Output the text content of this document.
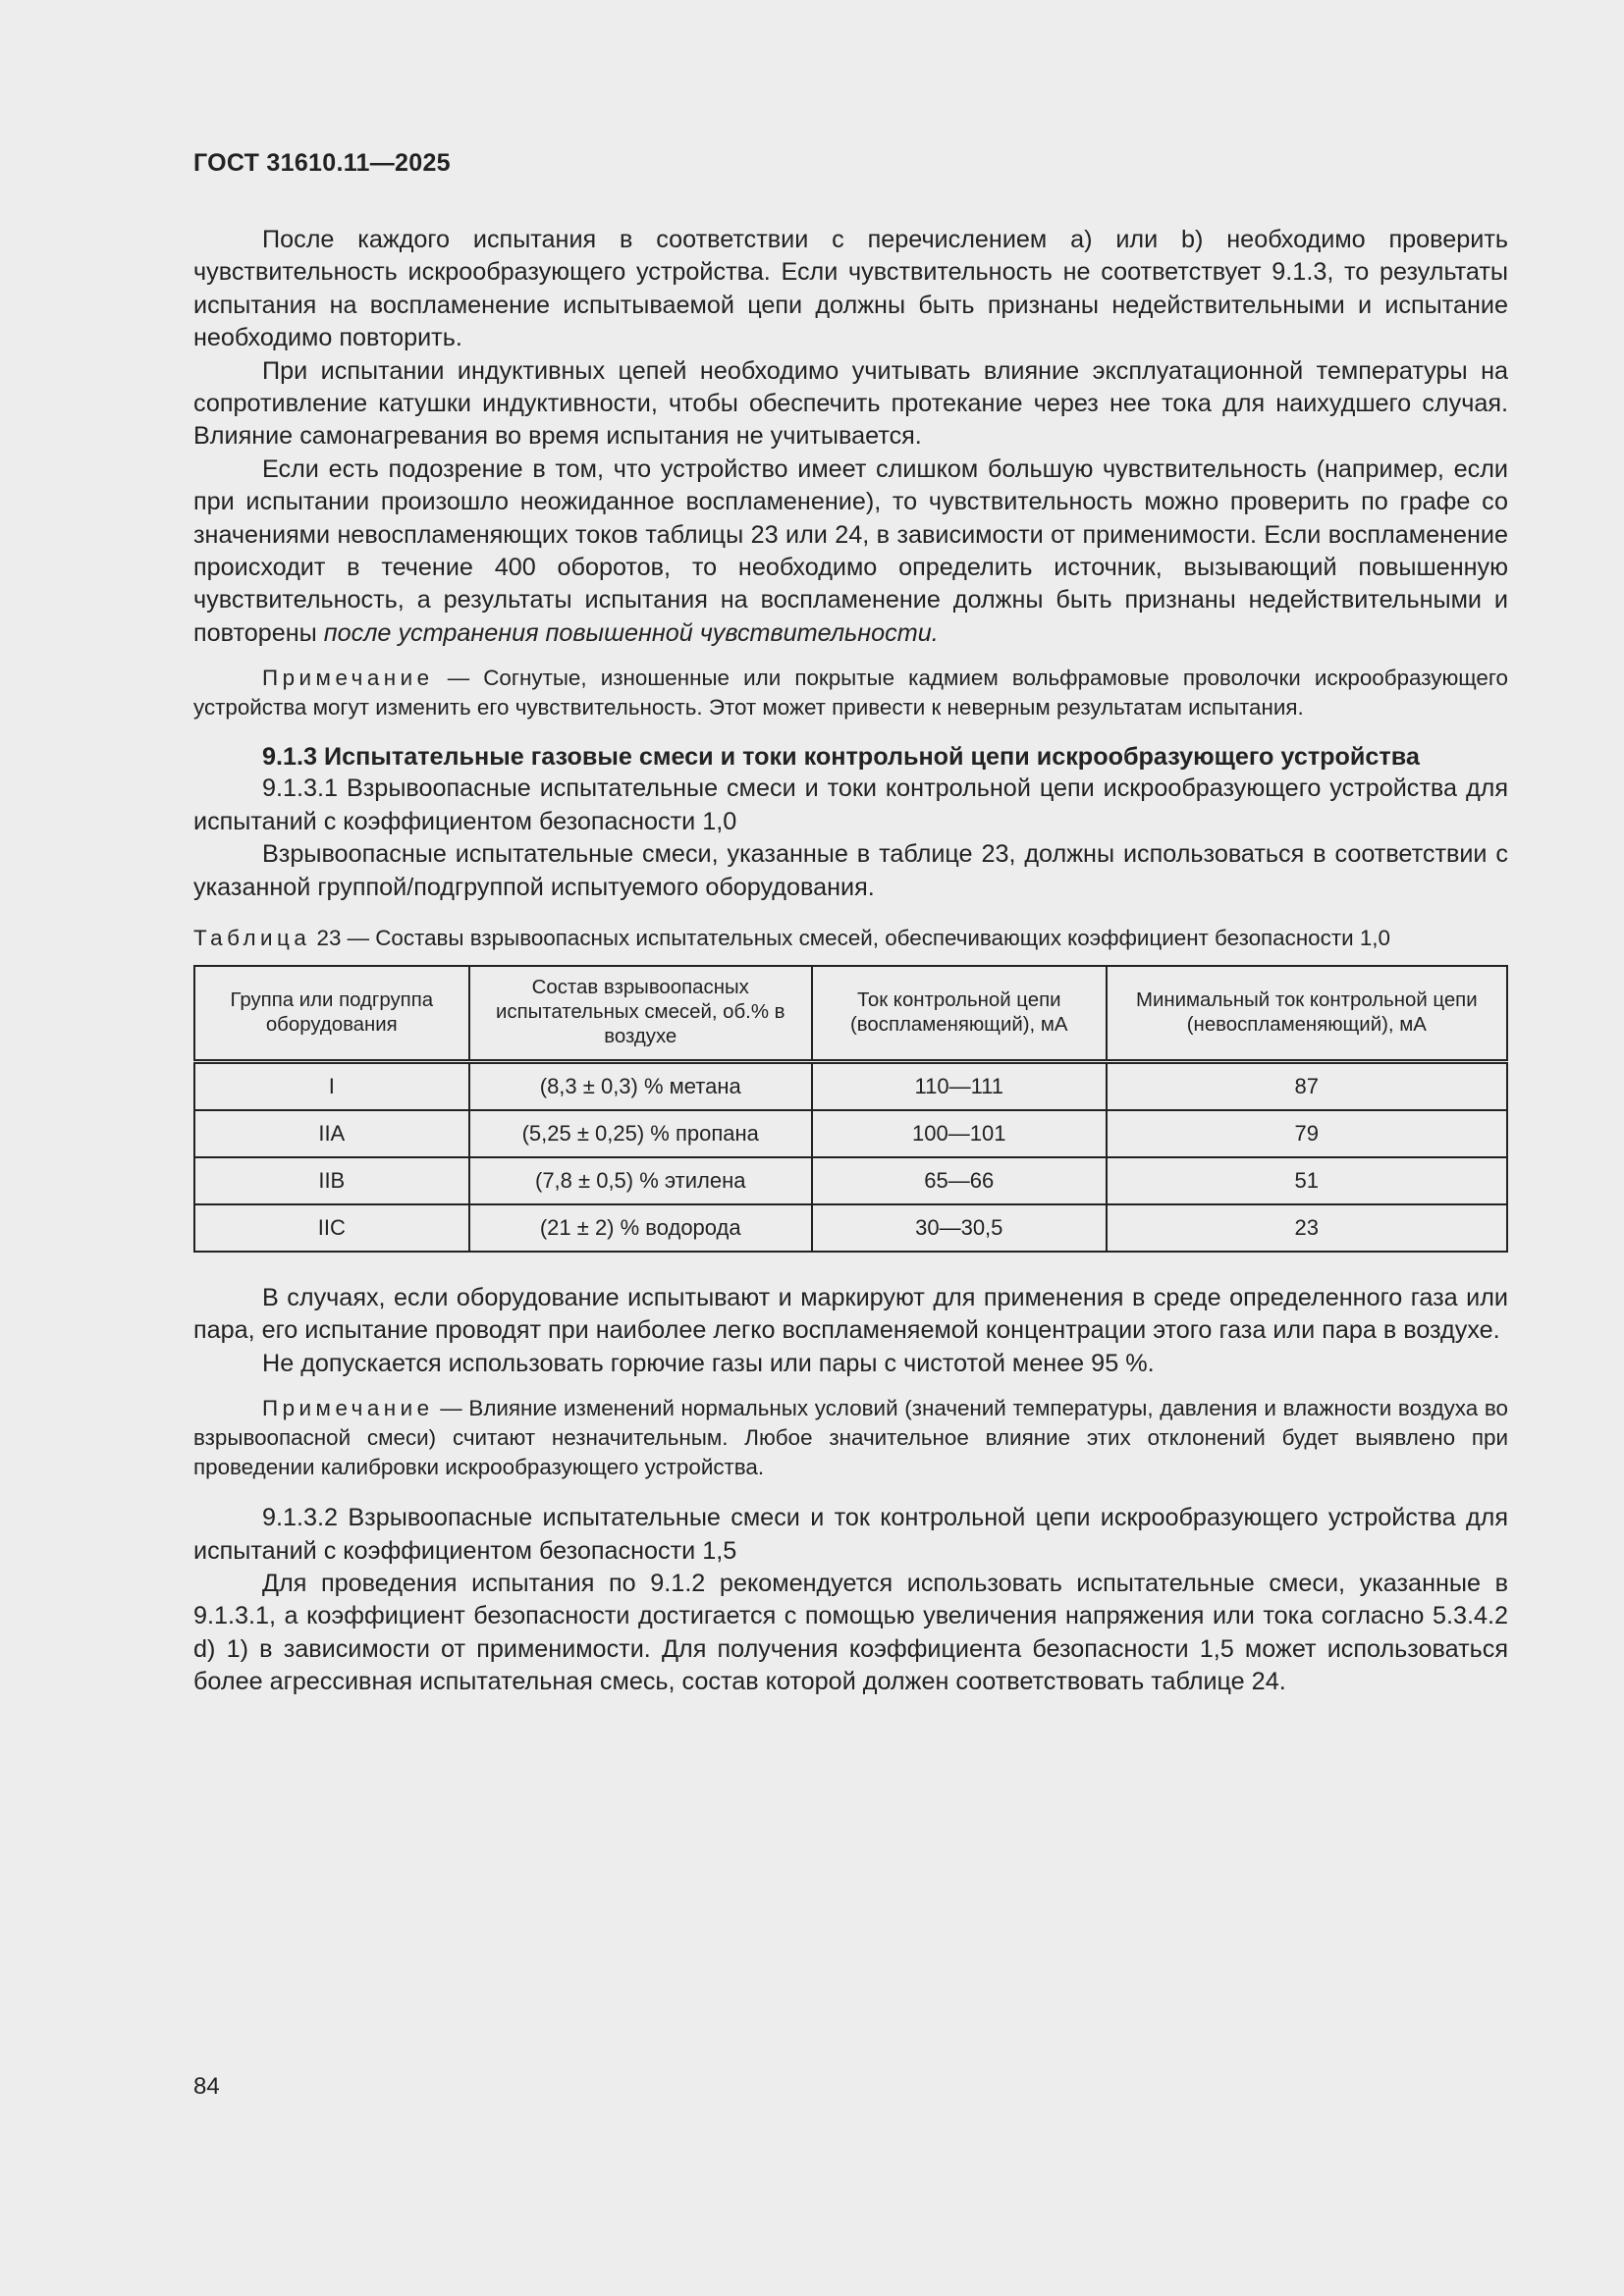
ГОСТ 31610.11—2025

После каждого испытания в соответствии с перечислением a) или b) необходимо проверить чувствительность искрообразующего устройства. Если чувствительность не соответствует 9.1.3, то результаты испытания на воспламенение испытываемой цепи должны быть признаны недействительными и испытание необходимо повторить.

При испытании индуктивных цепей необходимо учитывать влияние эксплуатационной температуры на сопротивление катушки индуктивности, чтобы обеспечить протекание через нее тока для наихудшего случая. Влияние самонагревания во время испытания не учитывается.

Если есть подозрение в том, что устройство имеет слишком большую чувствительность (например, если при испытании произошло неожиданное воспламенение), то чувствительность можно проверить по графе со значениями невоспламеняющих токов таблицы 23 или 24, в зависимости от применимости. Если воспламенение происходит в течение 400 оборотов, то необходимо определить источник, вызывающий повышенную чувствительность, а результаты испытания на воспламенение должны быть признаны недействительными и повторены после устранения повышенной чувствительности.

Примечание — Согнутые, изношенные или покрытые кадмием вольфрамовые проволочки искрообразующего устройства могут изменить его чувствительность. Этот может привести к неверным результатам испытания.

9.1.3 Испытательные газовые смеси и токи контрольной цепи искрообразующего устройства

9.1.3.1 Взрывоопасные испытательные смеси и токи контрольной цепи искрообразующего устройства для испытаний с коэффициентом безопасности 1,0

Взрывоопасные испытательные смеси, указанные в таблице 23, должны использоваться в соответствии с указанной группой/подгруппой испытуемого оборудования.

Таблица 23 — Составы взрывоопасных испытательных смесей, обеспечивающих коэффициент безопасности 1,0

Группа или подгруппа оборудования	Состав взрывоопасных испытательных смесей, об.% в воздухе	Ток контрольной цепи (воспламеняющий), мА	Минимальный ток контрольной цепи (невоспламеняющий), мА
I	(8,3 ± 0,3) % метана	110—111	87
IIA	(5,25 ± 0,25) % пропана	100—101	79
IIB	(7,8 ± 0,5) % этилена	65—66	51
IIC	(21 ± 2) % водорода	30—30,5	23

В случаях, если оборудование испытывают и маркируют для применения в среде определенного газа или пара, его испытание проводят при наиболее легко воспламеняемой концентрации этого газа или пара в воздухе.

Не допускается использовать горючие газы или пары с чистотой менее 95 %.

Примечание — Влияние изменений нормальных условий (значений температуры, давления и влажности воздуха во взрывоопасной смеси) считают незначительным. Любое значительное влияние этих отклонений будет выявлено при проведении калибровки искрообразующего устройства.

9.1.3.2 Взрывоопасные испытательные смеси и ток контрольной цепи искрообразующего устройства для испытаний с коэффициентом безопасности 1,5

Для проведения испытания по 9.1.2 рекомендуется использовать испытательные смеси, указанные в 9.1.3.1, а коэффициент безопасности достигается с помощью увеличения напряжения или тока согласно 5.3.4.2 d) 1) в зависимости от применимости. Для получения коэффициента безопасности 1,5 может использоваться более агрессивная испытательная смесь, состав которой должен соответствовать таблице 24.

84
